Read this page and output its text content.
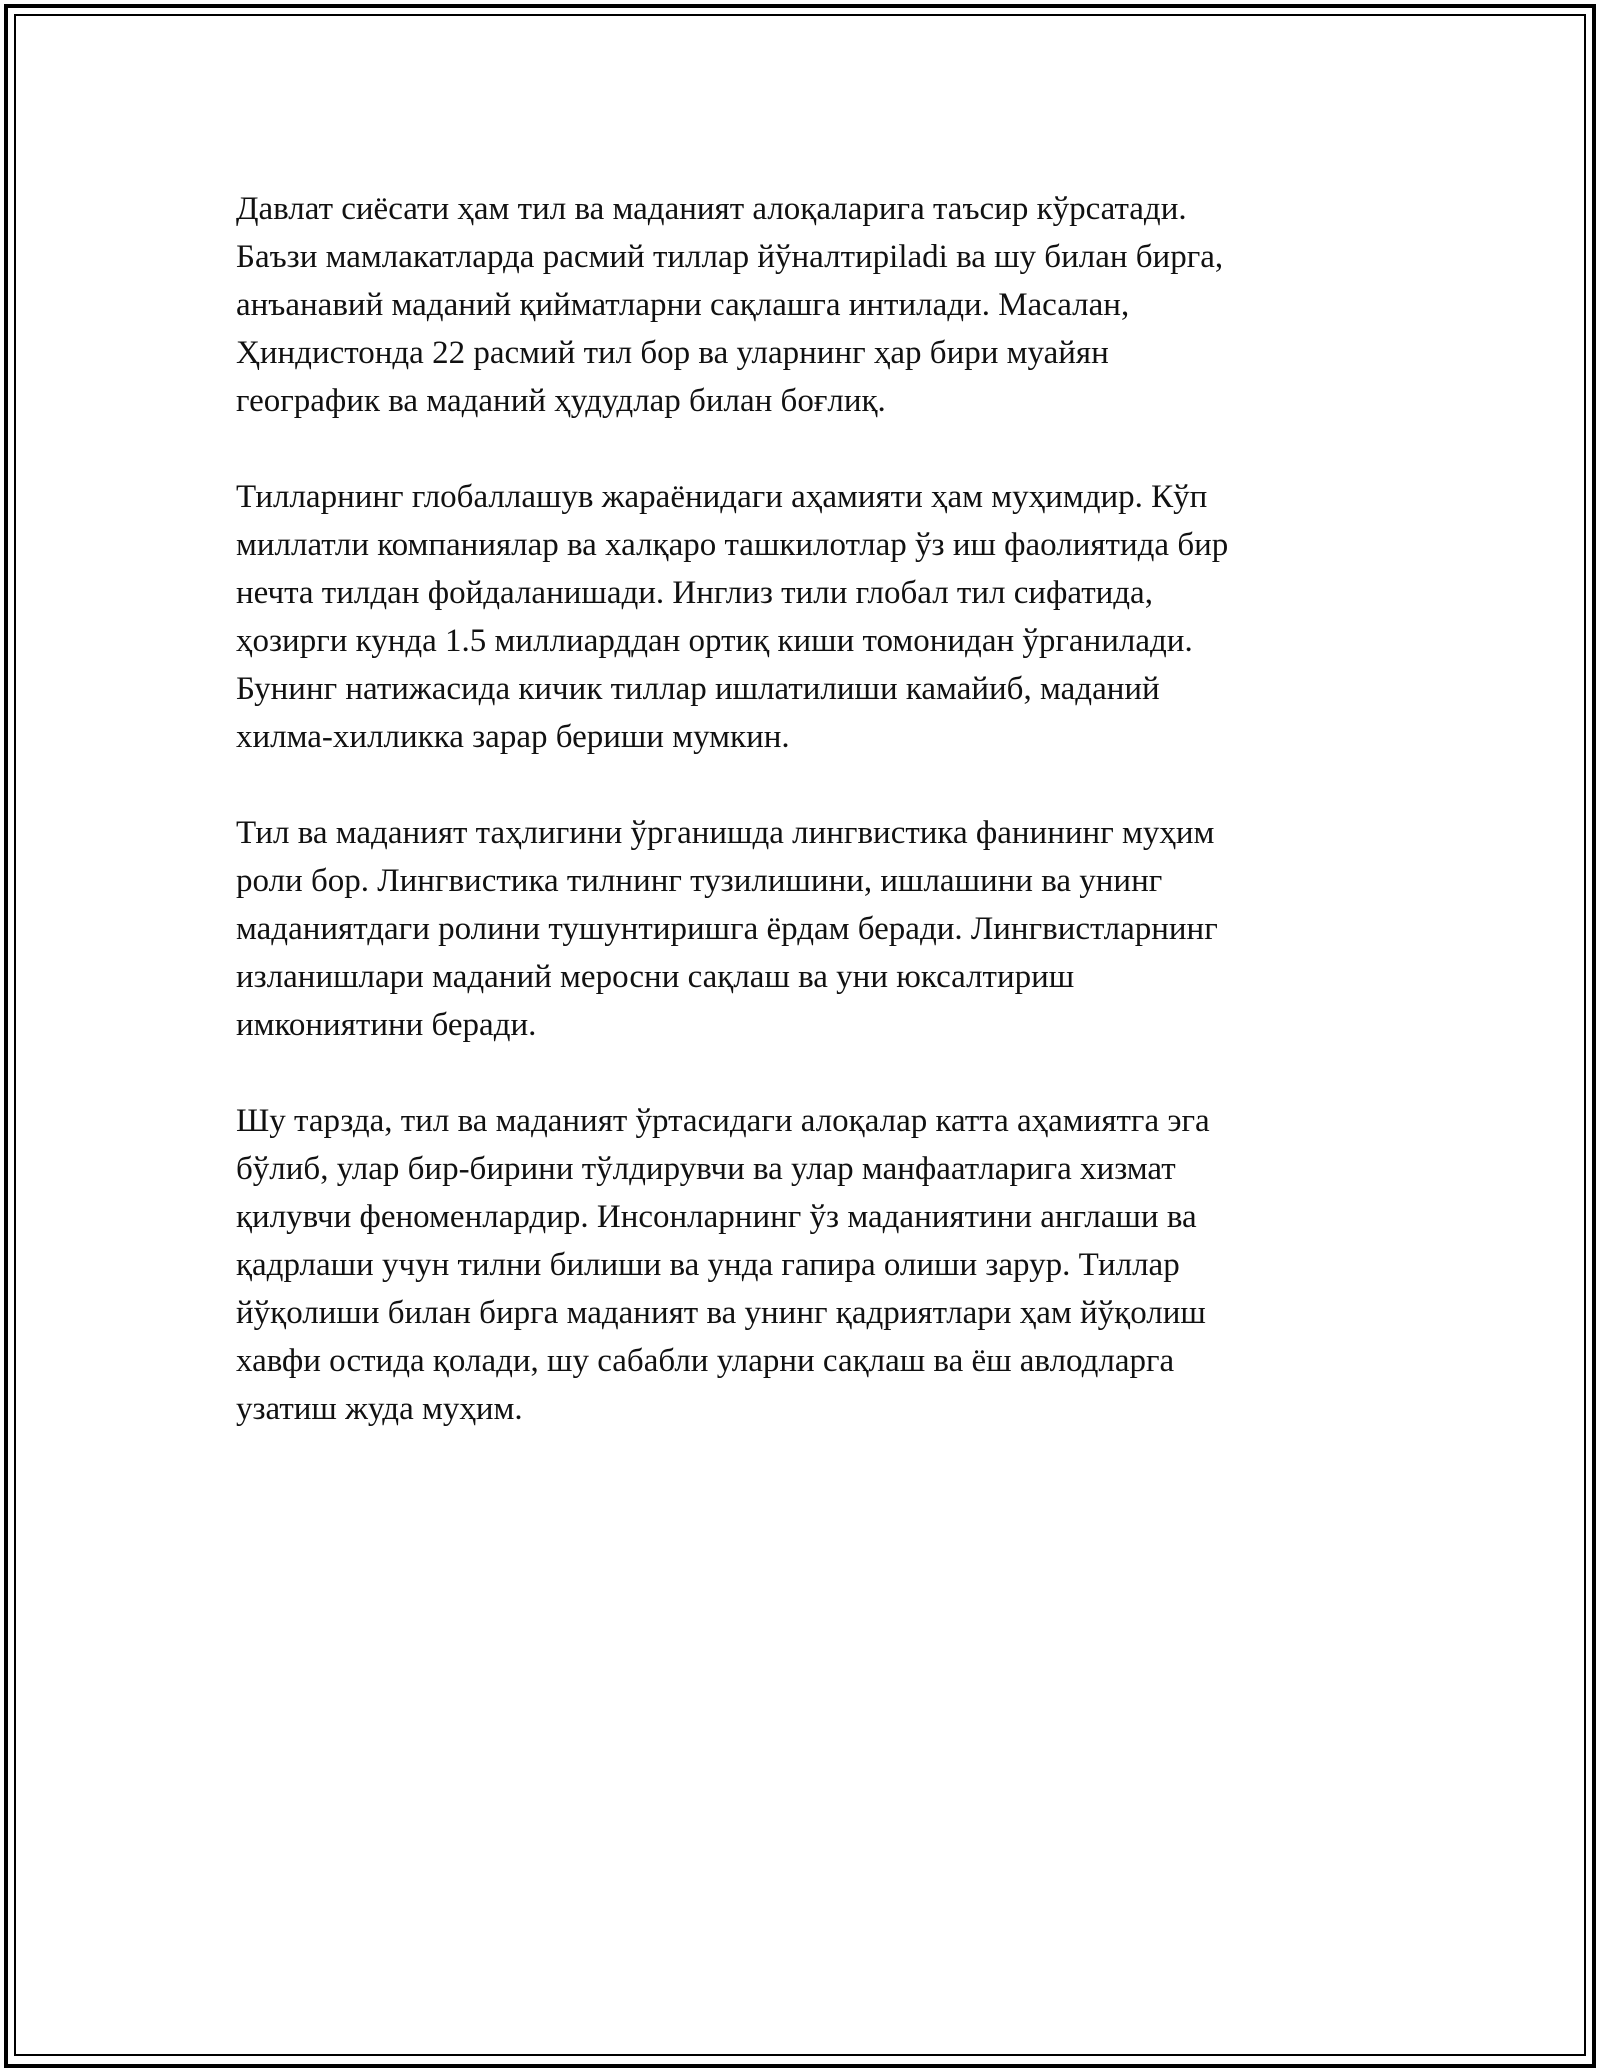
Давлат сиёсати ҳам тил ва маданият алоқаларига таъсир кўрсатади.
Баъзи мамлакатларда расмий тиллар йўналтирiladi ва шу билан бирга,
анъанавий маданий қийматларни сақлашга интилади. Масалан,
Ҳиндистонда 22 расмий тил бор ва уларнинг ҳар бири муайян
географик ва маданий ҳудудлар билан боғлиқ.

Тилларнинг глобаллашув жараёнидаги аҳамияти ҳам муҳимдир. Кўп
миллатли компаниялар ва халқаро ташкилотлар ўз иш фаолиятида бир
нечта тилдан фойдаланишади. Инглиз тили глобал тил сифатида,
ҳозирги кунда 1.5 миллиарддан ортиқ киши томонидан ўрганилади.
Бунинг натижасида кичик тиллар ишлатилиши камайиб, маданий
хилма-хилликка зарар бериши мумкин.

Тил ва маданият таҳлигини ўрганишда лингвистика фанининг муҳим
роли бор. Лингвистика тилнинг тузилишини, ишлашини ва унинг
маданиятдаги ролини тушунтиришга ёрдам беради. Лингвистларнинг
изланишлари маданий меросни сақлаш ва уни юксалтириш
имкониятини беради.

Шу тарзда, тил ва маданият ўртасидаги алоқалар катта аҳамиятга эга
бўлиб, улар бир-бирини тўлдирувчи ва улар манфаатларига хизмат
қилувчи феноменлардир. Инсонларнинг ўз маданиятини англаши ва
қадрлаши учун тилни билиши ва унда гапира олиши зарур. Тиллар
йўқолиши билан бирга маданият ва унинг қадриятлари ҳам йўқолиш
хавфи остида қолади, шу сабабли уларни сақлаш ва ёш авлодларга
узатиш жуда муҳим.
